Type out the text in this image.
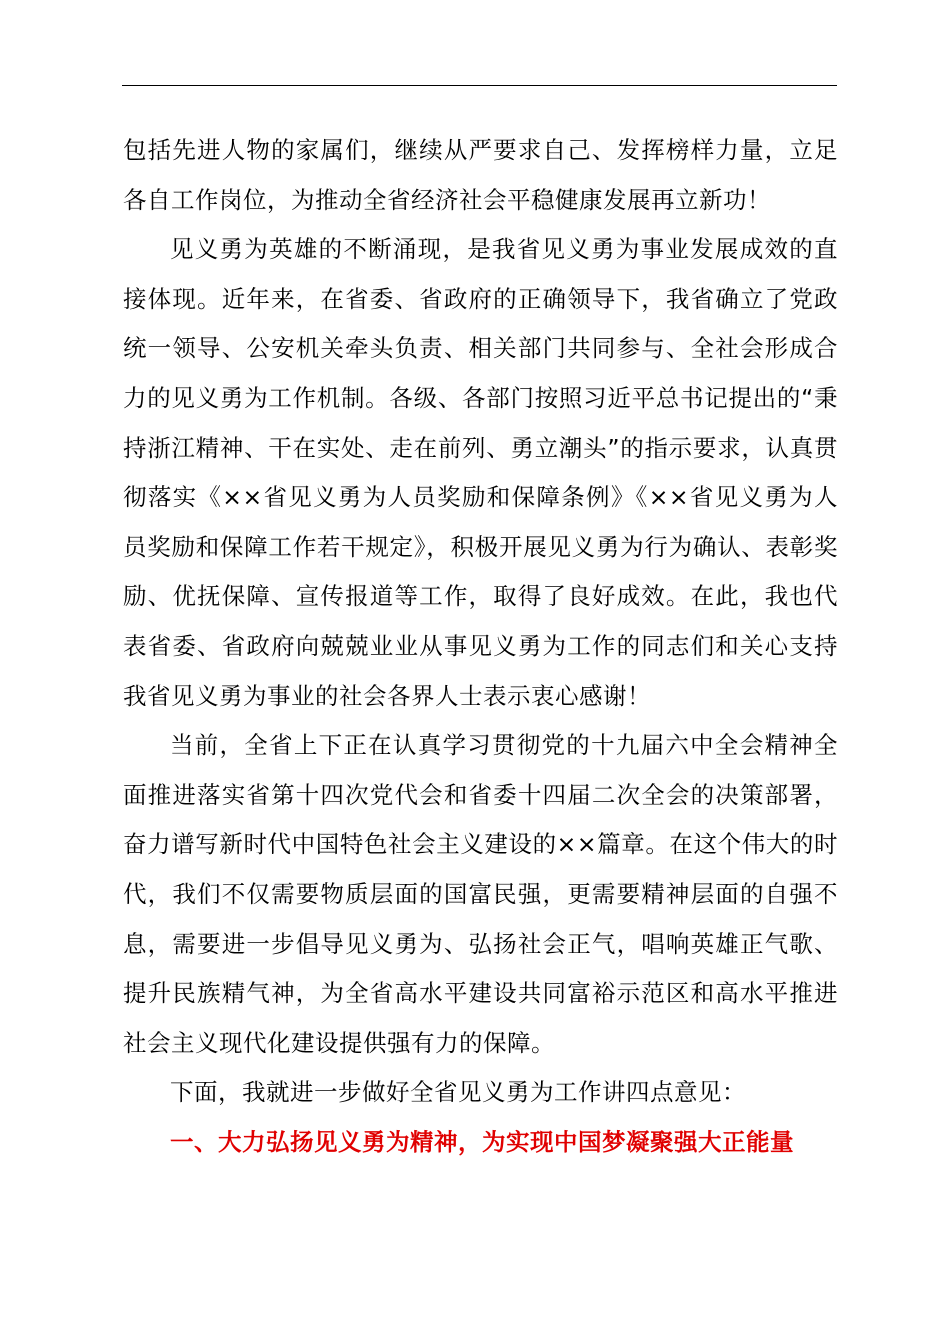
包括先进人物的家属们，继续从严要求自己、发挥榜样力量，立足各自工作岗位，为推动全省经济社会平稳健康发展再立新功！

见义勇为英雄的不断涌现，是我省见义勇为事业发展成效的直接体现。近年来，在省委、省政府的正确领导下，我省确立了党政统一领导、公安机关牵头负责、相关部门共同参与、全社会形成合力的见义勇为工作机制。各级、各部门按照习近平总书记提出的“秉持浙江精神、干在实处、走在前列、勇立潮头”的指示要求，认真贯彻落实《××省见义勇为人员奖励和保障条例》《××省见义勇为人员奖励和保障工作若干规定》，积极开展见义勇为行为确认、表彰奖励、优抚保障、宣传报道等工作，取得了良好成效。在此，我也代表省委、省政府向兢兢业业从事见义勇为工作的同志们和关心支持我省见义勇为事业的社会各界人士表示衷心感谢！

当前，全省上下正在认真学习贯彻党的十九届六中全会精神全面推进落实省第十四次党代会和省委十四届二次全会的决策部署，奋力谱写新时代中国特色社会主义建设的××篇章。在这个伟大的时代，我们不仅需要物质层面的国富民强，更需要精神层面的自强不息，需要进一步倡导见义勇为、弘扬社会正气，唱响英雄正气歌、提升民族精气神，为全省高水平建设共同富裕示范区和高水平推进社会主义现代化建设提供强有力的保障。

下面，我就进一步做好全省见义勇为工作讲四点意见：

一、大力弘扬见义勇为精神，为实现中国梦凝聚强大正能量
